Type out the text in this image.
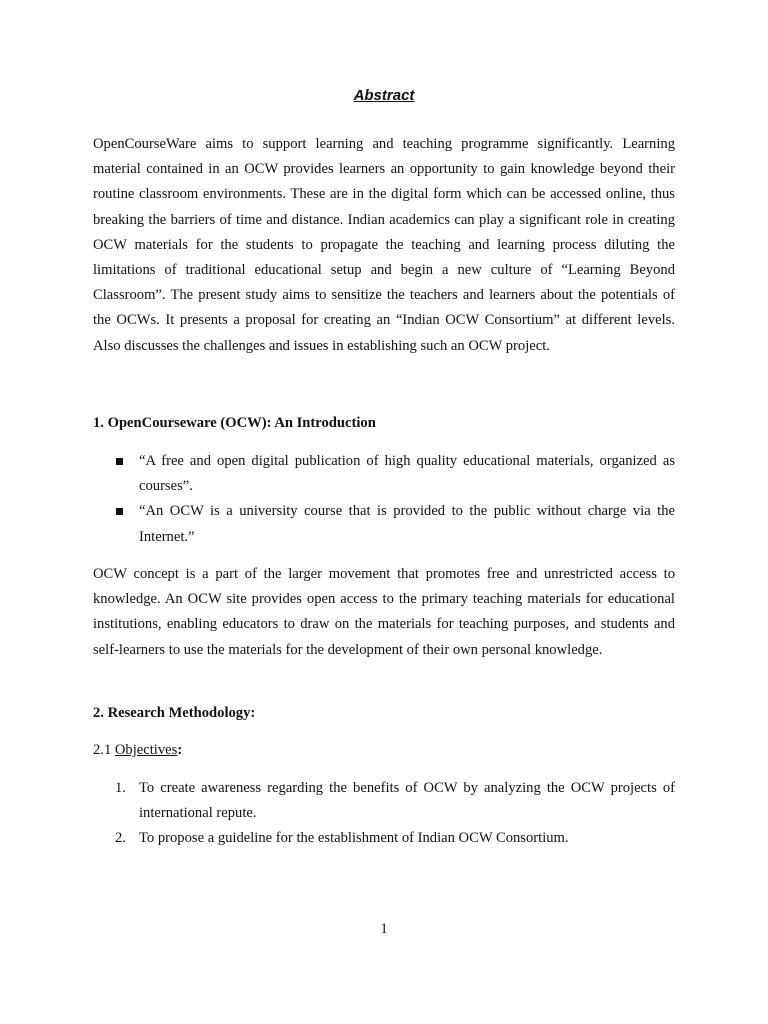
Abstract

OpenCourseWare aims to support learning and teaching programme significantly. Learning material contained in an OCW provides learners an opportunity to gain knowledge beyond their routine classroom environments. These are in the digital form which can be accessed online, thus breaking the barriers of time and distance. Indian academics can play a significant role in creating OCW materials for the students to propagate the teaching and learning process diluting the limitations of traditional educational setup and begin a new culture of “Learning Beyond Classroom”. The present study aims to sensitize the teachers and learners about the potentials of the OCWs. It presents a proposal for creating an “Indian OCW Consortium” at different levels. Also discusses the challenges and issues in establishing such an OCW project.

1. OpenCourseware (OCW): An Introduction

“A free and open digital publication of high quality educational materials, organized as courses”.
“An OCW is a university course that is provided to the public without charge via the Internet.”

OCW concept is a part of the larger movement that promotes free and unrestricted access to knowledge. An OCW site provides open access to the primary teaching materials for educational institutions, enabling educators to draw on the materials for teaching purposes, and students and self-learners to use the materials for the development of their own personal knowledge.

2. Research Methodology:

2.1 Objectives:

1. To create awareness regarding the benefits of OCW by analyzing the OCW projects of international repute.
2. To propose a guideline for the establishment of Indian OCW Consortium.
1
